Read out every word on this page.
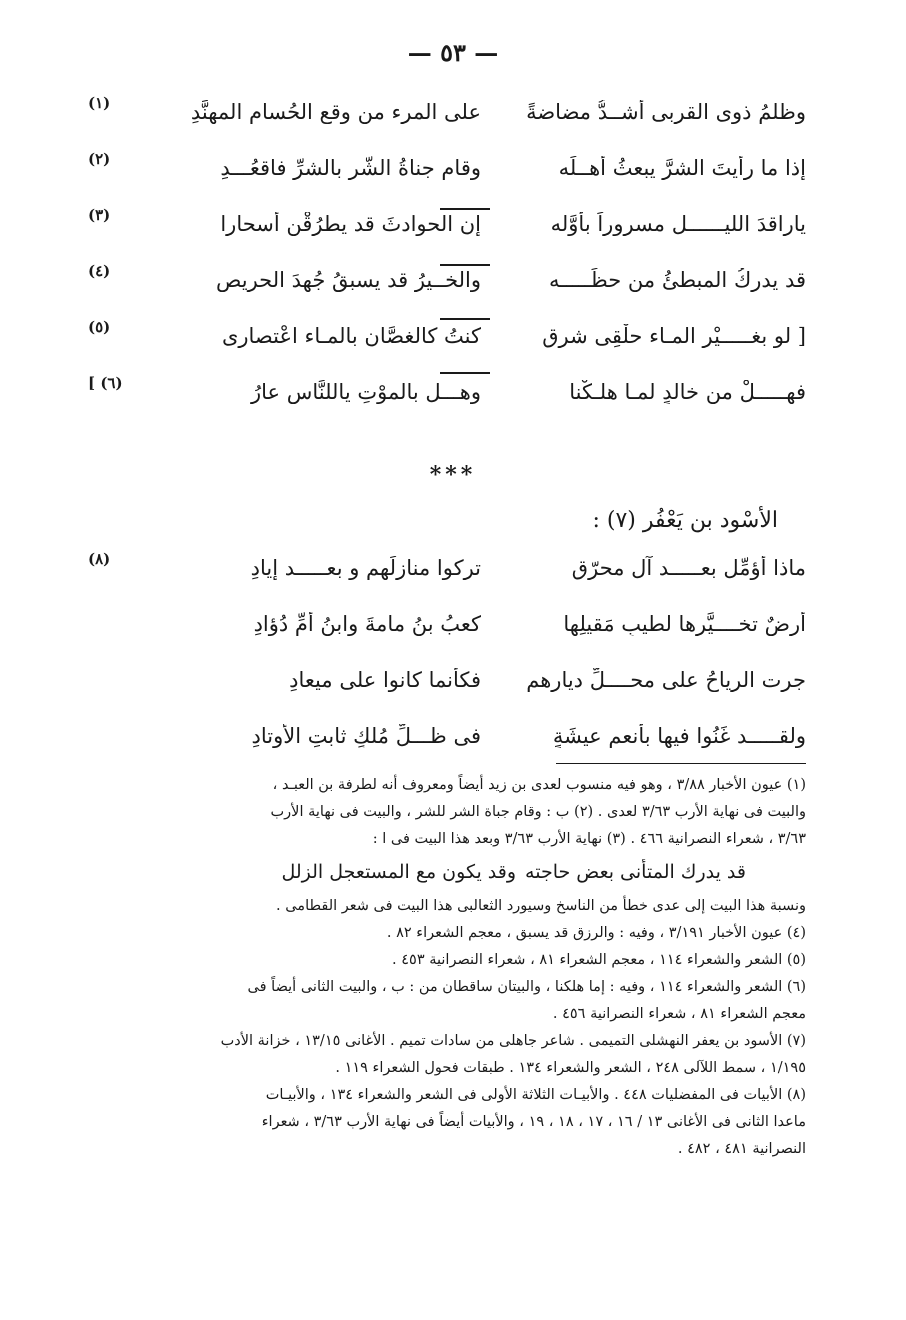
— ٥٣ —
وظلمُ ذوى القربى أشــدُّ مضاضةً
على المرء من وقع الحُسام المهنَّدِ
(١)
إذا ما رأيتَ الشرَّ يبعثُ أهــلَه
وقام جناةُ الشّر بالشرِّ فاقعُـــدِ
(٢)
ياراقدَ الليــــــل مسروراً بأوَّله
إن الحوادثَ قد يطرُقْن أسحارا
(٣)
قد يدركُ المبطئُ من حظِّـــــه
والخــيرُ قد يسبقُ جُهدَ الحريص
(٤)
[ لو بغـــــيْرِ المـاء حلْقِى شرِق
كنتُ كالغصَّان بالمـاء اعْتصارى
(٥)
فهـــــلْ من خالدٍ لمـا هلـكْنا
وهـــل بالموْتِ ياللنَّاسِ عارُ
(٦) ]
***
الأسْود بن يَعْفُر (٧) :
ماذا أُؤمِّل بعـــــد آل محرّقٍ
تركوا منازلَهم و بعـــــد إيادِ
(٨)
أرضٌ تخــــيَّرها لطيبِ مَقيلِها
كعبُ بنُ مامةَ وابنُ أمِّ دُؤادِ
جرت الرياحُ على محــــلِّ ديارهم
فكأنما كانوا على ميعادِ
ولقـــــد غَنُوا فيها بأنعمِ عيشَةٍ
فى ظـــلِّ مُلكٍ ثابتِ الأوتادِ
(١) عيون الأخبار ٣/٨٨ ، وهو فيه منسوب لعدى بن زيد أيضاً ومعروف أنه لطرفة بن العبـد ،
والبيت فى نهاية الأرب ٣/٦٣ لعدى . (٢) ب : وقام جباة الشر للشر ، والبيت فى نهاية الأرب
٣/٦٣ ، شعراء النصرانية ٤٦٦ . (٣) نهاية الأرب ٣/٦٣ وبعد هذا البيت فى ا :
قد يدرك المتأنى بعض حاجته
وقد يكون مع المستعجل الزلل
ونسبة هذا البيت إلى عدى خطأ من الناسخ وسيورد الثعالبى هذا البيت فى شعر القطامى .
(٤) عيون الأخبار ٣/١٩١ ، وفيه : والرزق قد يسبق ، معجم الشعراء ٨٢ .
(٥) الشعر والشعراء ١١٤ ، معجم الشعراء ٨١ ، شعراء النصرانية ٤٥٣ .
(٦) الشعر والشعراء ١١٤ ، وفيه : إما هلكنا ، والبيتان ساقطان من : ب ، والبيت الثانى أيضاً فى
معجم الشعراء ٨١ ، شعراء النصرانية ٤٥٦ .
(٧) الأسود بن يعفر النهشلى التميمى . شاعر جاهلى من سادات تميم . الأغانى ١٣/١٥ ، خزانة الأدب
١/١٩٥ ، سمط اللآلى ٢٤٨ ، الشعر والشعراء ١٣٤ . طبقات فحول الشعراء ١١٩ .
(٨) الأبيات فى المفضليات ٤٤٨ . والأبيـات الثلاثة الأولى فى الشعر والشعراء ١٣٤ ، والأبيـات
ماعدا الثانى فى الأغانى ١٣ / ١٦ ، ١٧ ، ١٨ ، ١٩ ، والأبيات أيضاً فى نهاية الأرب ٣/٦٣ ، شعراء
النصرانية ٤٨١ ، ٤٨٢ .
